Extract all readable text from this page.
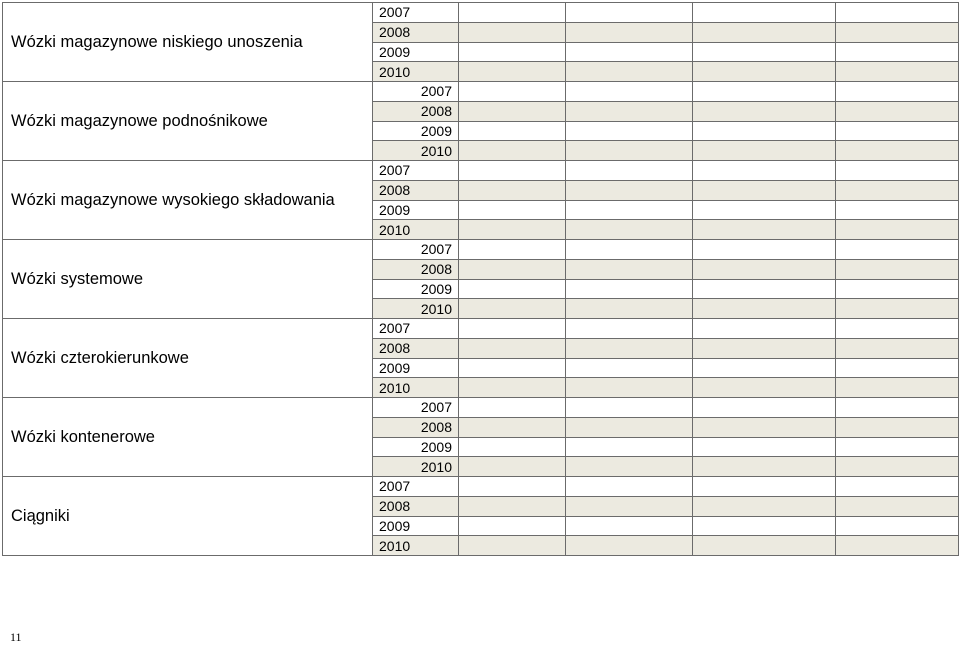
Wózki magazynowe niskiego unoszenia	2007				
	2008				
	2009				
	2010				
Wózki magazynowe podnośnikowe	2007				
	2008				
	2009				
	2010				
Wózki magazynowe wysokiego składowania	2007				
	2008				
	2009				
	2010				
Wózki systemowe	2007				
	2008				
	2009				
	2010				
Wózki czterokierunkowe	2007				
	2008				
	2009				
	2010				
Wózki kontenerowe	2007				
	2008				
	2009				
	2010				
Ciągniki	2007				
	2008				
	2009				
	2010				
11
